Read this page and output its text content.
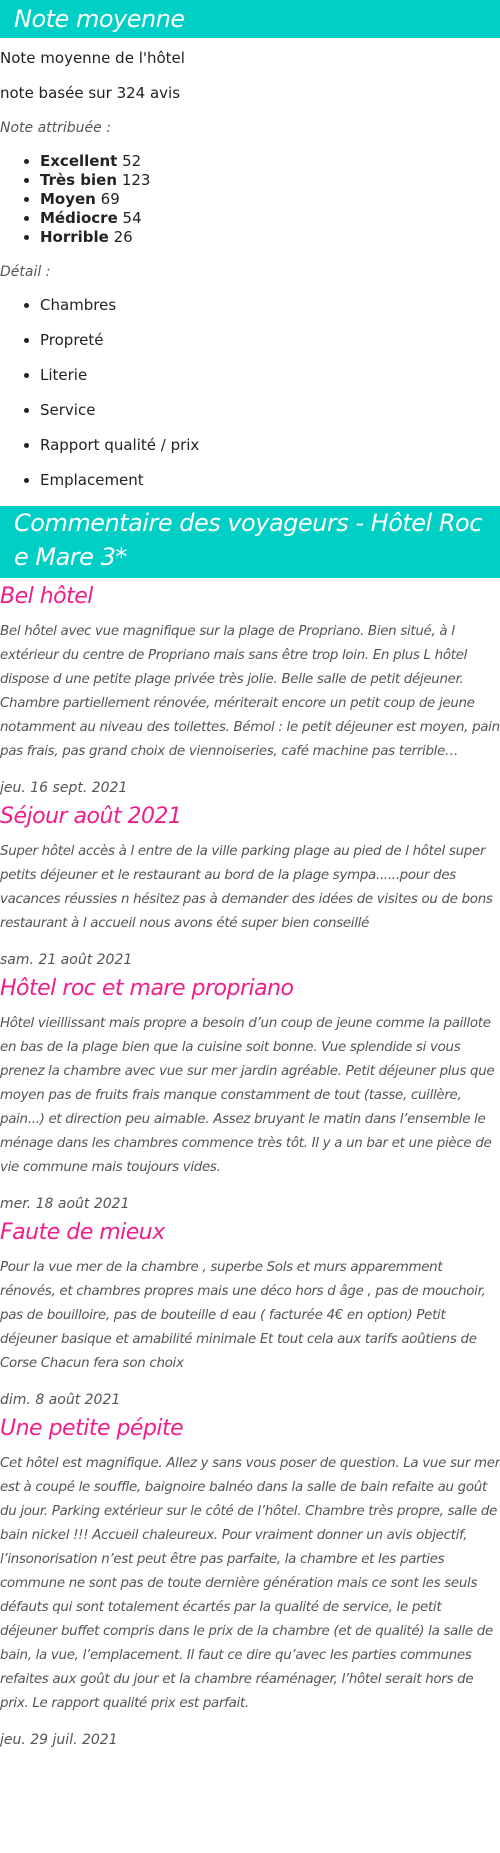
Note moyenne

Note moyenne de l'hôtel

note basée sur 324 avis

Note attribuée :

• Excellent 52
• Très bien 123
• Moyen 69
• Médiocre 54
• Horrible 26

Détail :

• Chambres
• Propreté
• Literie
• Service
• Rapport qualité / prix
• Emplacement
Commentaire des voyageurs - Hôtel Roc e Mare 3*
Bel hôtel

Bel hôtel avec vue magnifique sur la plage de Propriano. Bien situé, à l extérieur du centre de Propriano mais sans être trop loin. En plus L hôtel dispose d une petite plage privée très jolie. Belle salle de petit déjeuner. Chambre partiellement rénovée, mériterait encore un petit coup de jeune notamment au niveau des toilettes. Bémol : le petit déjeuner est moyen, pain pas frais, pas grand choix de viennoiseries, café machine pas terrible…

jeu. 16 sept. 2021

Séjour août 2021

Super hôtel accès à l entre de la ville parking plage au pied de l hôtel super petits déjeuner et le restaurant au bord de la plage sympa......pour des vacances réussies n hésitez pas à demander des idées de visites ou de bons restaurant à l accueil nous avons été super bien conseillé

sam. 21 août 2021

Hôtel roc et mare propriano

Hôtel vieillissant mais propre a besoin d’un coup de jeune comme la paillote en bas de la plage bien que la cuisine soit bonne. Vue splendide si vous prenez la chambre avec vue sur mer jardin agréable. Petit déjeuner plus que moyen pas de fruits frais manque constamment de tout (tasse, cuillère, pain...) et direction peu aimable. Assez bruyant le matin dans l’ensemble le ménage dans les chambres commence très tôt. Il y a un bar et une pièce de vie commune mais toujours vides.

mer. 18 août 2021

Faute de mieux

Pour la vue mer de la chambre , superbe Sols et murs apparemment rénovés, et chambres propres mais une déco hors d âge , pas de mouchoir, pas de bouilloire, pas de bouteille d eau ( facturée 4€ en option) Petit déjeuner basique et amabilité minimale Et tout cela aux tarifs aoûtiens de Corse Chacun fera son choix

dim. 8 août 2021

Une petite pépite

Cet hôtel est magnifique. Allez y sans vous poser de question. La vue sur mer est à coupé le souffle, baignoire balnéo dans la salle de bain refaite au goût du jour. Parking extérieur sur le côté de l’hôtel. Chambre très propre, salle de bain nickel !!! Accueil chaleureux. Pour vraiment donner un avis objectif, l’insonorisation n’est peut être pas parfaite, la chambre et les parties commune ne sont pas de toute dernière génération mais ce sont les seuls défauts qui sont totalement écartés par la qualité de service, le petit déjeuner buffet compris dans le prix de la chambre (et de qualité) la salle de bain, la vue, l’emplacement. Il faut ce dire qu’avec les parties communes refaites aux goût du jour et la chambre réaménager, l’hôtel serait hors de prix. Le rapport qualité prix est parfait.

jeu. 29 juil. 2021
